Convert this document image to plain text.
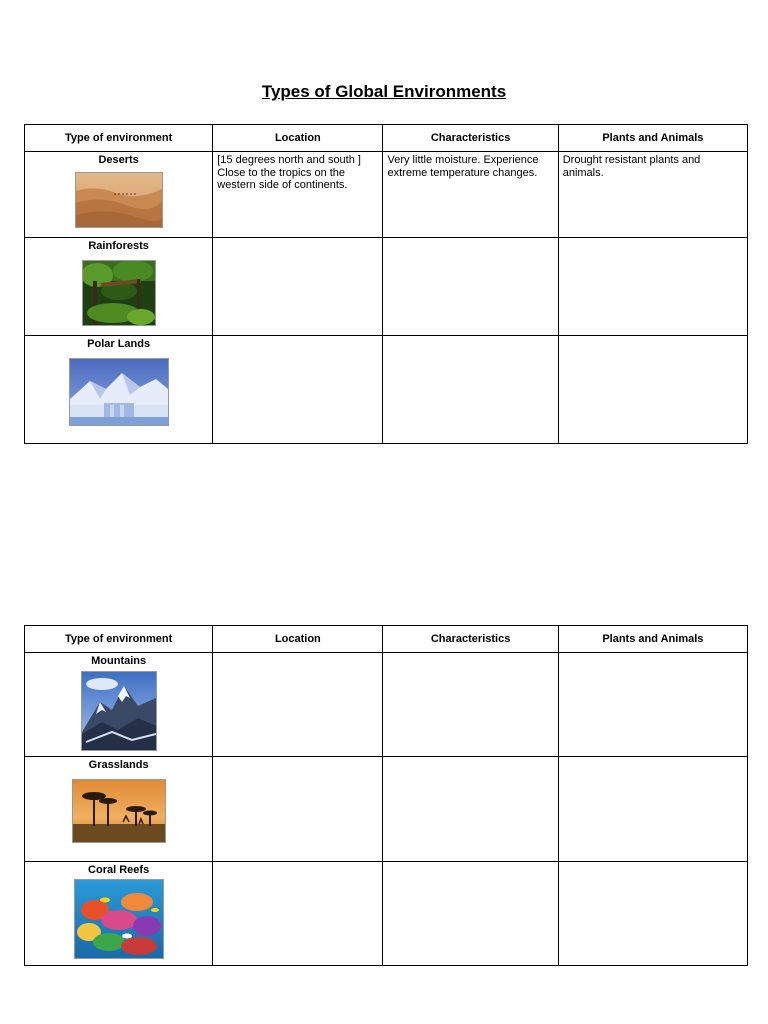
Types of Global Environments
Type of environment	Location	Characteristics	Plants and Animals

Deserts	[15 degrees north and south ] Close to the tropics on the western side of continents.	Very little moisture. Experience extreme temperature changes.	Drought resistant plants and animals.

Rainforests			

Polar Lands			

Type of environment	Location	Characteristics	Plants and Animals

Mountains			

Grasslands			

Coral Reefs			
